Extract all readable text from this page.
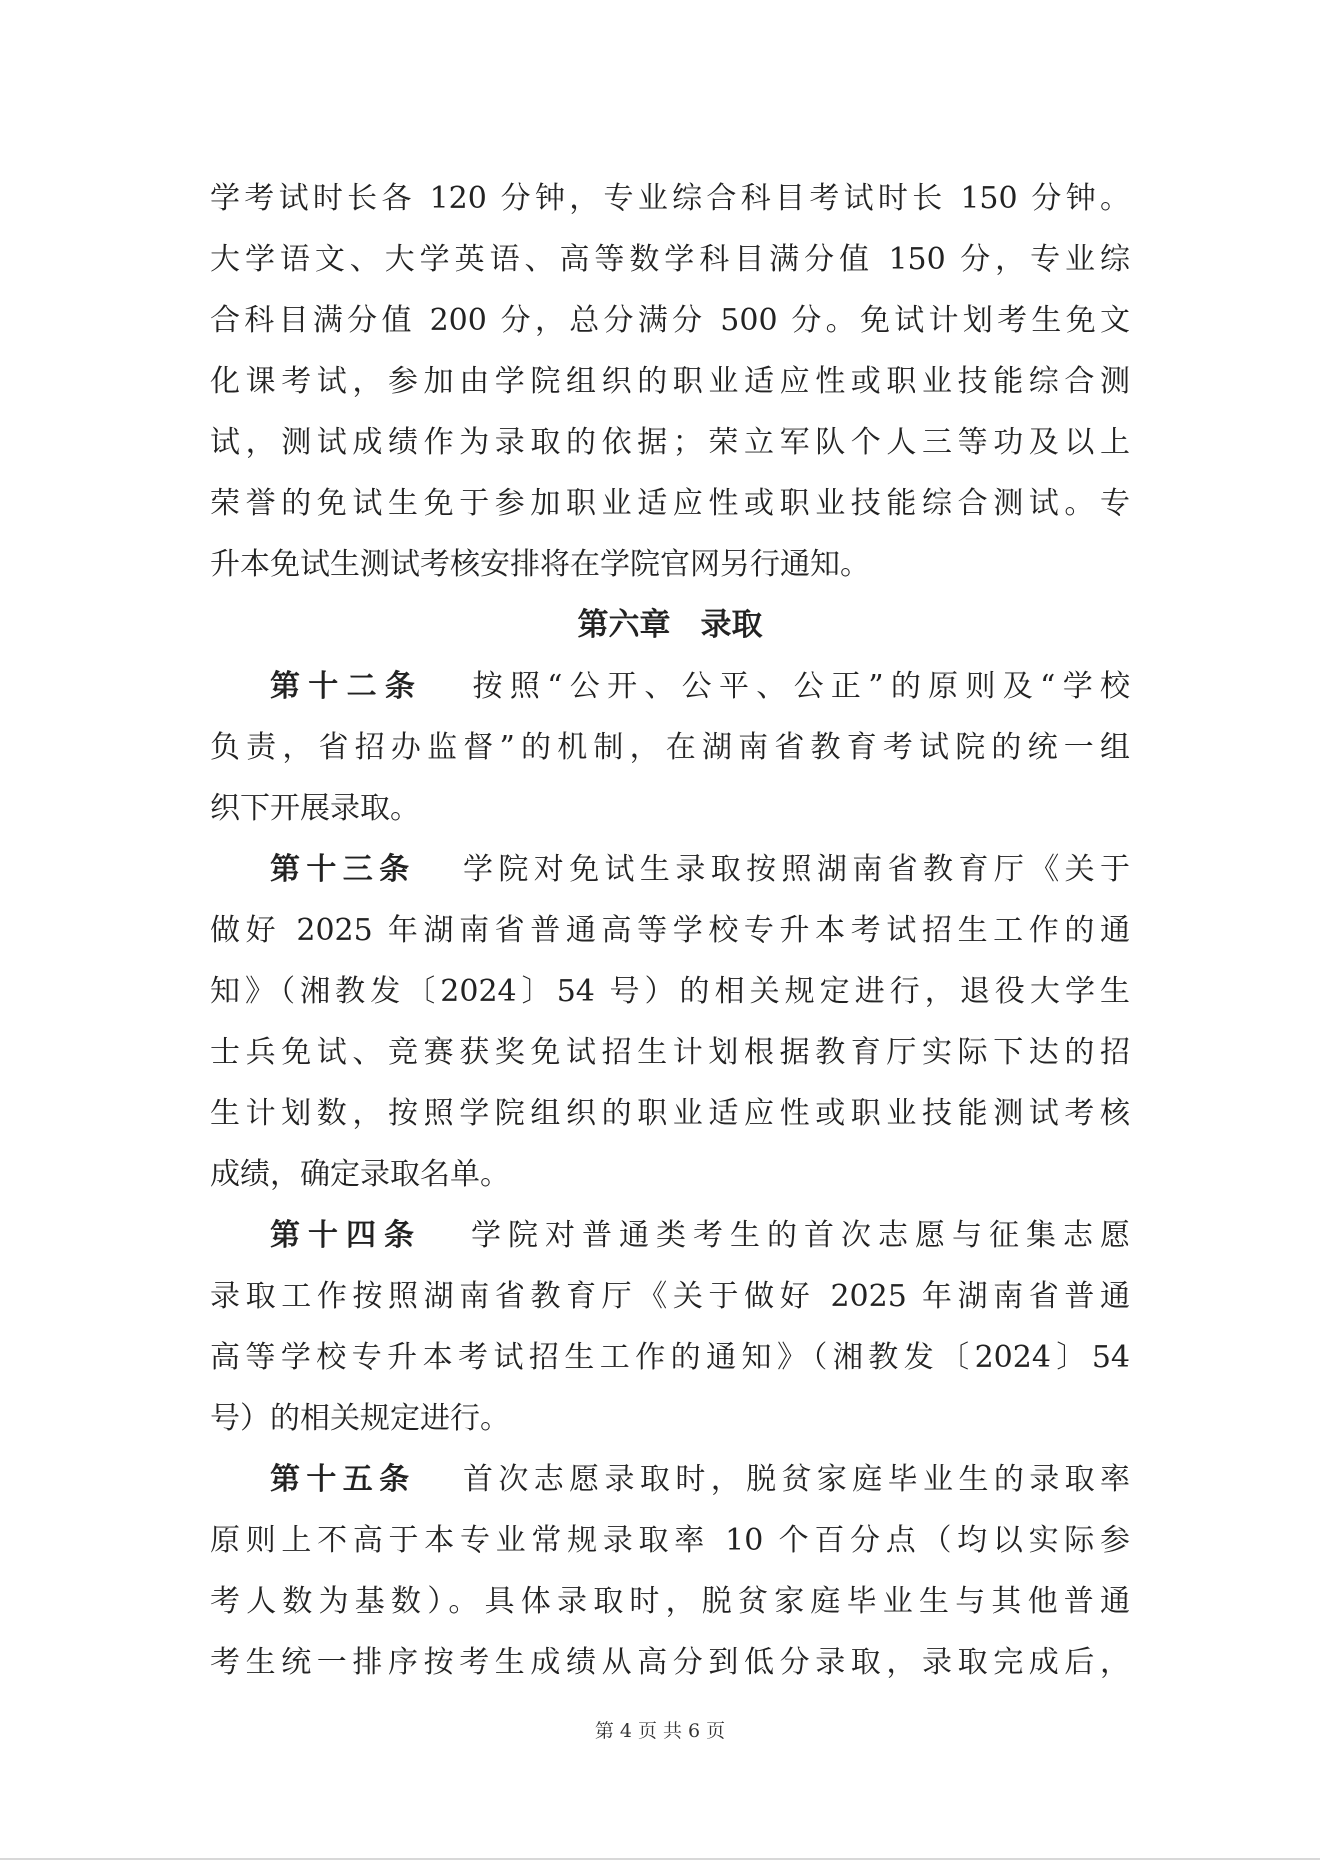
学考试时长各 120 分钟，专业综合科目考试时长 150 分钟。
大学语文、大学英语、高等数学科目满分值 150 分，专业综
合科目满分值 200 分，总分满分 500 分。免试计划考生免文
化课考试，参加由学院组织的职业适应性或职业技能综合测
试，测试成绩作为录取的依据；荣立军队个人三等功及以上
荣誉的免试生免于参加职业适应性或职业技能综合测试。专
升本免试生测试考核安排将在学院官网另行通知。
第六章 录取
第十二条 按照“公开、公平、公正”的原则及“学校
负责，省招办监督”的机制，在湖南省教育考试院的统一组
织下开展录取。
第十三条 学院对免试生录取按照湖南省教育厅《关于
做好 2025 年湖南省普通高等学校专升本考试招生工作的通
知》（湘教发〔2024〕54 号）的相关规定进行，退役大学生
士兵免试、竞赛获奖免试招生计划根据教育厅实际下达的招
生计划数，按照学院组织的职业适应性或职业技能测试考核
成绩，确定录取名单。
第十四条 学院对普通类考生的首次志愿与征集志愿
录取工作按照湖南省教育厅《关于做好 2025 年湖南省普通
高等学校专升本考试招生工作的通知》（湘教发〔2024〕54
号）的相关规定进行。
第十五条 首次志愿录取时，脱贫家庭毕业生的录取率
原则上不高于本专业常规录取率 10 个百分点（均以实际参
考人数为基数）。具体录取时，脱贫家庭毕业生与其他普通
考生统一排序按考生成绩从高分到低分录取，录取完成后，
第 4 页 共 6 页
